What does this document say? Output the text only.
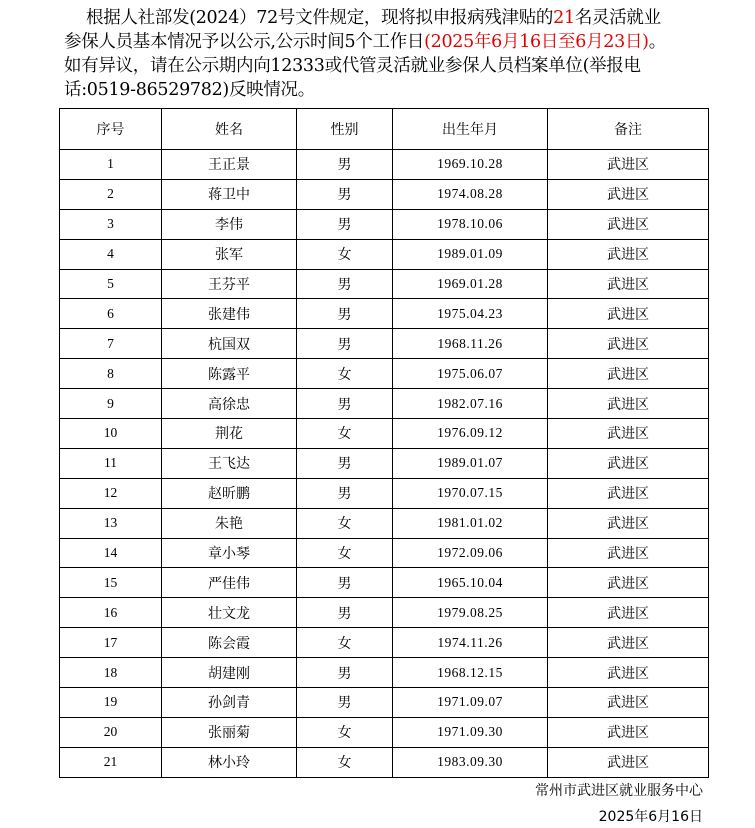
根据人社部发(2024）72号文件规定，现将拟申报病残津贴的21名灵活就业
参保人员基本情况予以公示,公示时间5个工作日(2025年6月16日至6月23日)。
如有异议，请在公示期内向12333或代管灵活就业参保人员档案单位(举报电
话:0519-86529782)反映情况。
序号	姓名	性别	出生年月	备注
1	王正景	男	1969.10.28	武进区
2	蒋卫中	男	1974.08.28	武进区
3	李伟	男	1978.10.06	武进区
4	张军	女	1989.01.09	武进区
5	王芬平	男	1969.01.28	武进区
6	张建伟	男	1975.04.23	武进区
7	杭国双	男	1968.11.26	武进区
8	陈露平	女	1975.06.07	武进区
9	高徐忠	男	1982.07.16	武进区
10	荆花	女	1976.09.12	武进区
11	王飞达	男	1989.01.07	武进区
12	赵昕鹏	男	1970.07.15	武进区
13	朱艳	女	1981.01.02	武进区
14	章小琴	女	1972.09.06	武进区
15	严佳伟	男	1965.10.04	武进区
16	壮文龙	男	1979.08.25	武进区
17	陈会霞	女	1974.11.26	武进区
18	胡建刚	男	1968.12.15	武进区
19	孙剑青	男	1971.09.07	武进区
20	张丽菊	女	1971.09.30	武进区
21	林小玲	女	1983.09.30	武进区
常州市武进区就业服务中心
2025年6月16日
